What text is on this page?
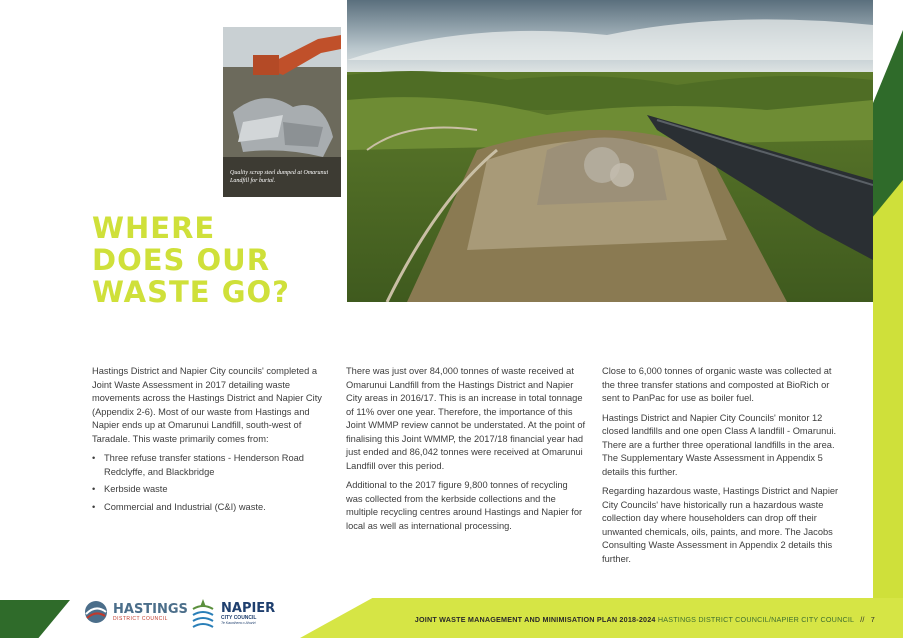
Quality scrap steel dumped at Omarunui Landfill for burial.
WHERE
DOES OUR
WASTE GO?

Hastings District and Napier City councils' completed a Joint Waste Assessment in 2017 detailing waste movements across the Hastings District and Napier City (Appendix 2-6). Most of our waste from Hastings and Napier ends up at Omarunui Landfill, south-west of Taradale. This waste primarily comes from:

• Three refuse transfer stations - Henderson Road Redclyffe, and Blackbridge
• Kerbside waste
• Commercial and Industrial (C&I) waste.

There was just over 84,000 tonnes of waste received at Omarunui Landfill from the Hastings District and Napier City areas in 2016/17. This is an increase in total tonnage of 11% over one year. Therefore, the importance of this Joint WMMP review cannot be understated. At the point of finalising this Joint WMMP, the 2017/18 financial year had just ended and 86,042 tonnes were received at Omarunui Landfill over this period.

Additional to the 2017 figure 9,800 tonnes of recycling was collected from the kerbside collections and the multiple recycling centres around Hastings and Napier for local as well as international processing.

Close to 6,000 tonnes of organic waste was collected at the three transfer stations and composted at BioRich or sent to PanPac for use as boiler fuel.

Hastings District and Napier City Councils' monitor 12 closed landfills and one open Class A landfill - Omarunui. There are a further three operational landfills in the area. The Supplementary Waste Assessment in Appendix 5 details this further.

Regarding hazardous waste, Hastings District and Napier City Councils' have historically run a hazardous waste collection day where householders can drop off their unwanted chemicals, oils, paints, and more. The Jacobs Consulting Waste Assessment in Appendix 2 details this further.

JOINT WASTE MANAGEMENT AND MINIMISATION PLAN 2018-2024 HASTINGS DISTRICT COUNCIL/NAPIER CITY COUNCIL // 7
HASTINGS
DISTRICT COUNCIL
NAPIER
CITY COUNCIL
Te Kaunihera o Ahuriri
